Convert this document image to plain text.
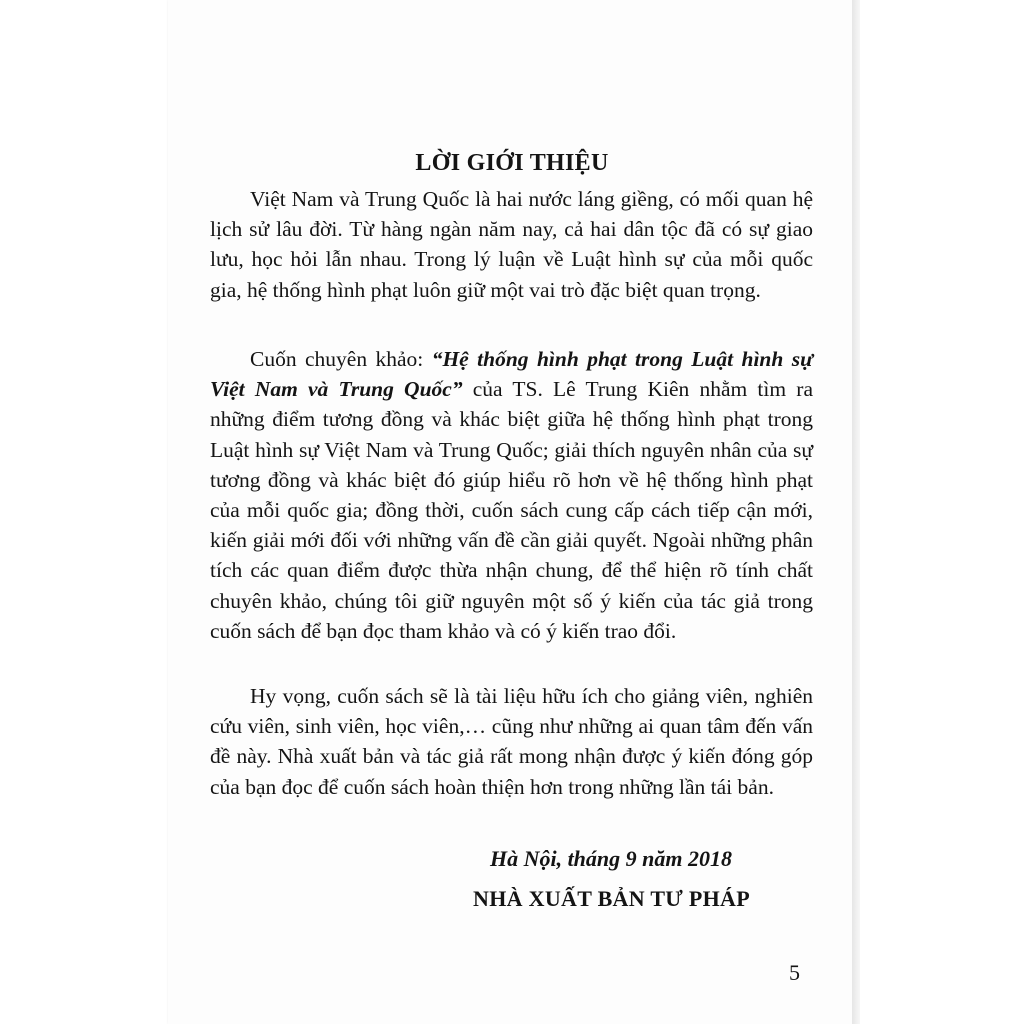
LỜI GIỚI THIỆU

Việt Nam và Trung Quốc là hai nước láng giềng, có mối quan hệ lịch sử lâu đời. Từ hàng ngàn năm nay, cả hai dân tộc đã có sự giao lưu, học hỏi lẫn nhau. Trong lý luận về Luật hình sự của mỗi quốc gia, hệ thống hình phạt luôn giữ một vai trò đặc biệt quan trọng.

Cuốn chuyên khảo: “Hệ thống hình phạt trong Luật hình sự Việt Nam và Trung Quốc” của TS. Lê Trung Kiên nhằm tìm ra những điểm tương đồng và khác biệt giữa hệ thống hình phạt trong Luật hình sự Việt Nam và Trung Quốc; giải thích nguyên nhân của sự tương đồng và khác biệt đó giúp hiểu rõ hơn về hệ thống hình phạt của mỗi quốc gia; đồng thời, cuốn sách cung cấp cách tiếp cận mới, kiến giải mới đối với những vấn đề cần giải quyết. Ngoài những phân tích các quan điểm được thừa nhận chung, để thể hiện rõ tính chất chuyên khảo, chúng tôi giữ nguyên một số ý kiến của tác giả trong cuốn sách để bạn đọc tham khảo và có ý kiến trao đổi.

Hy vọng, cuốn sách sẽ là tài liệu hữu ích cho giảng viên, nghiên cứu viên, sinh viên, học viên,… cũng như những ai quan tâm đến vấn đề này. Nhà xuất bản và tác giả rất mong nhận được ý kiến đóng góp của bạn đọc để cuốn sách hoàn thiện hơn trong những lần tái bản.

Hà Nội, tháng 9 năm 2018
NHÀ XUẤT BẢN TƯ PHÁP
5
